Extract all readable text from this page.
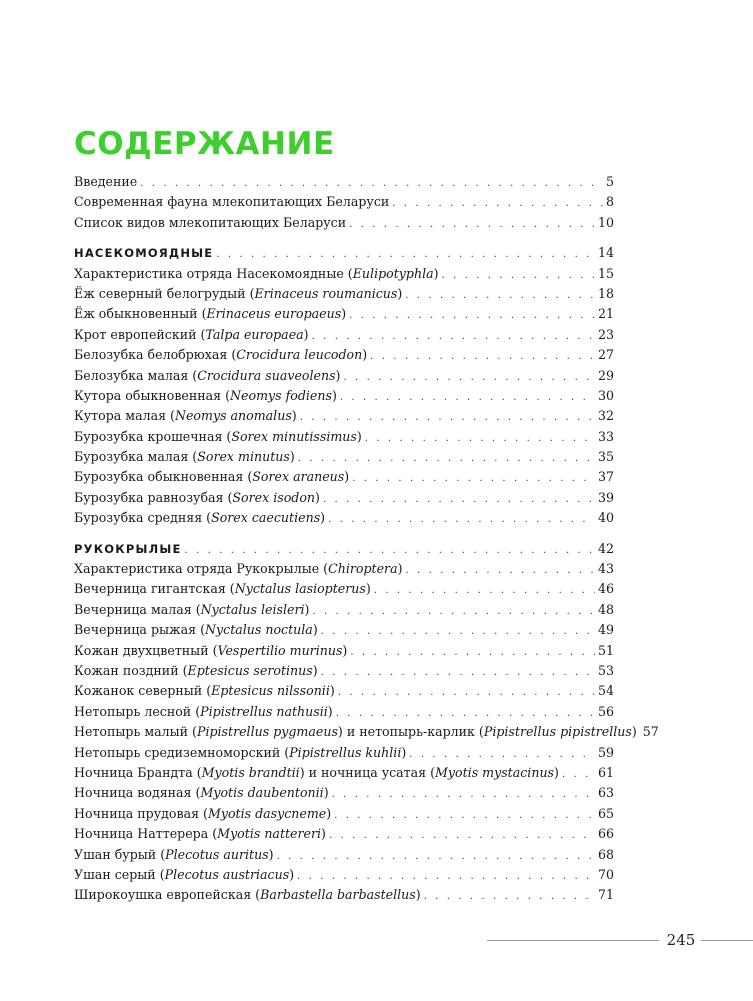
СОДЕРЖАНИЕ
Введение . . .	5
Современная фауна млекопитающих Беларуси . . .	8
Список видов млекопитающих Беларуси . . .	10
НАСЕКОМОЯДНЫЕ . . .	14
Характеристика отряда Насекомоядные (Eulipotyphla) . . .	15
Ёж северный белогрудый (Erinaceus roumanicus) . . .	18
Ёж обыкновенный (Erinaceus europaeus) . . .	21
Крот европейский (Talpa europaea) . . .	23
Белозубка белобрюхая (Crocidura leucodon) . . .	27
Белозубка малая (Crocidura suaveolens) . . .	29
Кутора обыкновенная (Neomys fodiens) . . .	30
Кутора малая (Neomys anomalus) . . .	32
Бурозубка крошечная (Sorex minutissimus) . . .	33
Бурозубка малая (Sorex minutus) . . .	35
Бурозубка обыкновенная (Sorex araneus) . . .	37
Бурозубка равнозубая (Sorex isodon) . . .	39
Бурозубка средняя (Sorex caecutiens) . . .	40
РУКОКРЫЛЫЕ . . .	42
Характеристика отряда Рукокрылые (Chiroptera) . . .	43
Вечерница гигантская (Nyctalus lasiopterus) . . .	46
Вечерница малая (Nyctalus leisleri) . . .	48
Вечерница рыжая (Nyctalus noctula) . . .	49
Кожан двухцветный (Vespertilio murinus) . . .	51
Кожан поздний (Eptesicus serotinus) . . .	53
Кожанок северный (Eptesicus nilssonii) . . .	54
Нетопырь лесной (Pipistrellus nathusii) . . .	56
Нетопырь малый (Pipistrellus pygmaeus) и нетопырь-карлик (Pipistrellus pipistrellus) 57
Нетопырь средиземноморский (Pipistrellus kuhlii) . . .	59
Ночница Брандта (Myotis brandtii) и ночница усатая (Myotis mystacinus) . . .	61
Ночница водяная (Myotis daubentonii) . . .	63
Ночница прудовая (Myotis dasycneme) . . .	65
Ночница Наттерера (Myotis nattereri) . . .	66
Ушан бурый (Plecotus auritus) . . .	68
Ушан серый (Plecotus austriacus) . . .	70
Широкоушка европейская (Barbastella barbastellus) . . .	71
245
